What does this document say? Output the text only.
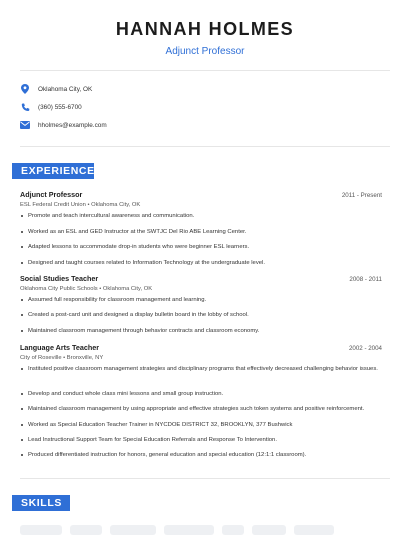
HANNAH HOLMES
Adjunct Professor
Oklahoma City, OK
(360) 555-6700
hholmes@example.com
EXPERIENCE
Adjunct Professor	2011 - Present
ESL Federal Credit Union • Oklahoma City, OK
Promote and teach intercultural awareness and communication.
Worked as an ESL and GED Instructor at the SWTJC Del Rio ABE Learning Center.
Adapted lessons to accommodate drop-in students who were beginner ESL learners.
Designed and taught courses related to Information Technology at the undergraduate level.
Social Studies Teacher	2008 - 2011
Oklahoma City Public Schools • Oklahoma City, OK
Assumed full responsibility for classroom management and learning.
Created a post-card unit and designed a display bulletin board in the lobby of school.
Maintained classroom management through behavior contracts and classroom economy.
Language Arts Teacher	2002 - 2004
City of Roseville • Bronxville, NY
Instituted positive classroom management strategies and disciplinary programs that effectively decreased challenging behavior issues.
Develop and conduct whole class mini lessons and small group instruction.
Maintained classroom management by using appropriate and effective strategies such token systems and positive reinforcement.
Worked as Special Education Teacher Trainer in NYCDOE DISTRICT 32, BROOKLYN, 377 Bushwick
Lead Instructional Support Team for Special Education Referrals and Response To Intervention.
Produced differentiated instruction for honors, general education and special education (12:1:1 classroom).
SKILLS
